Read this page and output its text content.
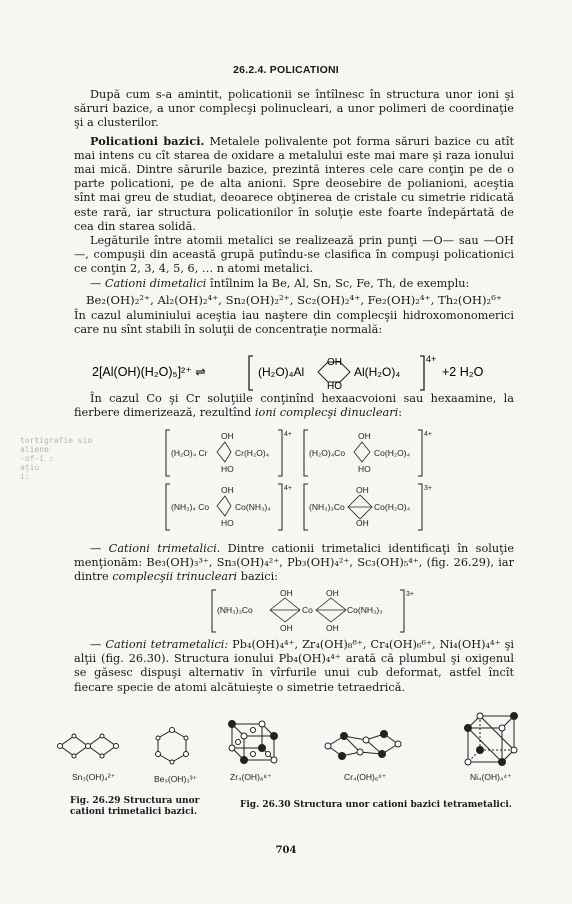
26.2.4. POLICATIONI

După cum s-a amintit, policationii se întîlnesc în structura unor ioni şi săruri bazice, a unor complecşi polinucleari, a unor polimeri de coordinaţie şi a clusterilor.

Policationi bazici. Metalele polivalente pot forma săruri bazice cu atît mai intens cu cît starea de oxidare a metalului este mai mare şi raza ionului mai mică. Dintre sărurile bazice, prezintă interes cele care conţin pe de o parte policationi, pe de alta anioni. Spre deosebire de polianioni, aceştia sînt mai greu de studiat, deoarece obţinerea de cristale cu simetrie ridicată este rară, iar structura policationilor în soluţie este foarte îndepărtată de cea din starea solidă.

Legăturile între atomii metalici se realizează prin punţi —O— sau —OH—, compuşii din această grupă putîndu-se clasifica în compuşi policationici ce conţin 2, 3, 4, 5, 6, … n atomi metalici.

— Cationi dimetalici întîlnim la Be, Al, Sn, Sc, Fe, Th, de exemplu:

Be₂(OH)₂²⁺, Al₂(OH)₂⁴⁺, Sn₂(OH)₂²⁺, Sc₂(OH)₂⁴⁺, Fe₂(OH)₂⁴⁺, Th₂(OH)₂⁶⁺

În cazul aluminiului aceştia iau naştere din complecşii hidroxomonomerici care nu sînt stabili în soluţii de concentraţie normală:

2[Al(OH)(H₂O)₅]²⁺ ⇌	(H₂O)₄Al
OH
HO
Al(H₂O)₄
4+
+2 H₂O

În cazul Co şi Cr soluţiile conţinînd hexaacvoioni sau hexaamine, la fierbere dimerizează, rezultînd ioni complecşi dinucleari:

tortigrafie sio
aliene
-of-i :
ațiu
i:
4+
(H₂O)₄ Cr	Cr(H₂O)₄
OH
HO
4+
(H₂O)₄Co	Co(H₂O)₄
OH
HO
4+
(NH₃)₄ Co	Co(NH₃)₄
OH
HO
3+
(NH₃)₃Co	Co(H₂O)₄
OH
OH

— Cationi trimetalici. Dintre cationii trimetalici identificaţi în soluţie menţionăm: Be₃(OH)₃³⁺, Sn₃(OH)₄²⁺, Pb₃(OH)₄²⁺, Sc₃(OH)₅⁴⁺, (fig. 26.29), iar dintre complecşii trinucleari bazici:

3+
(NH₃)₃Co	Co	Co(NH₃)₃
OH
OH
OH
OH

— Cationi tetrametalici: Pb₄(OH)₄⁴⁺, Zr₄(OH)₈⁸⁺, Cr₄(OH)₆⁶⁺, Ni₄(OH)₄⁴⁺ şi alţii (fig. 26.30). Structura ionului Pb₄(OH)₄⁴⁺ arată că plumbul şi oxigenul se găsesc dispuşi alternativ în vîrfurile unui cub deformat, astfel încît fiecare specie de atomi alcătuieşte o simetrie tetraedrică.

Sn₃(OH)₄²⁺	Be₃(OH)₃³⁺	Zr₄(OH)₈⁸⁺	Cr₄(OH)₆⁶⁺	Ni₄(OH)₄⁴⁺
Fig. 26.29 Structura unor cationi trimetalici bazici.
Fig. 26.30 Structura unor cationi bazici tetrametalici.
704
